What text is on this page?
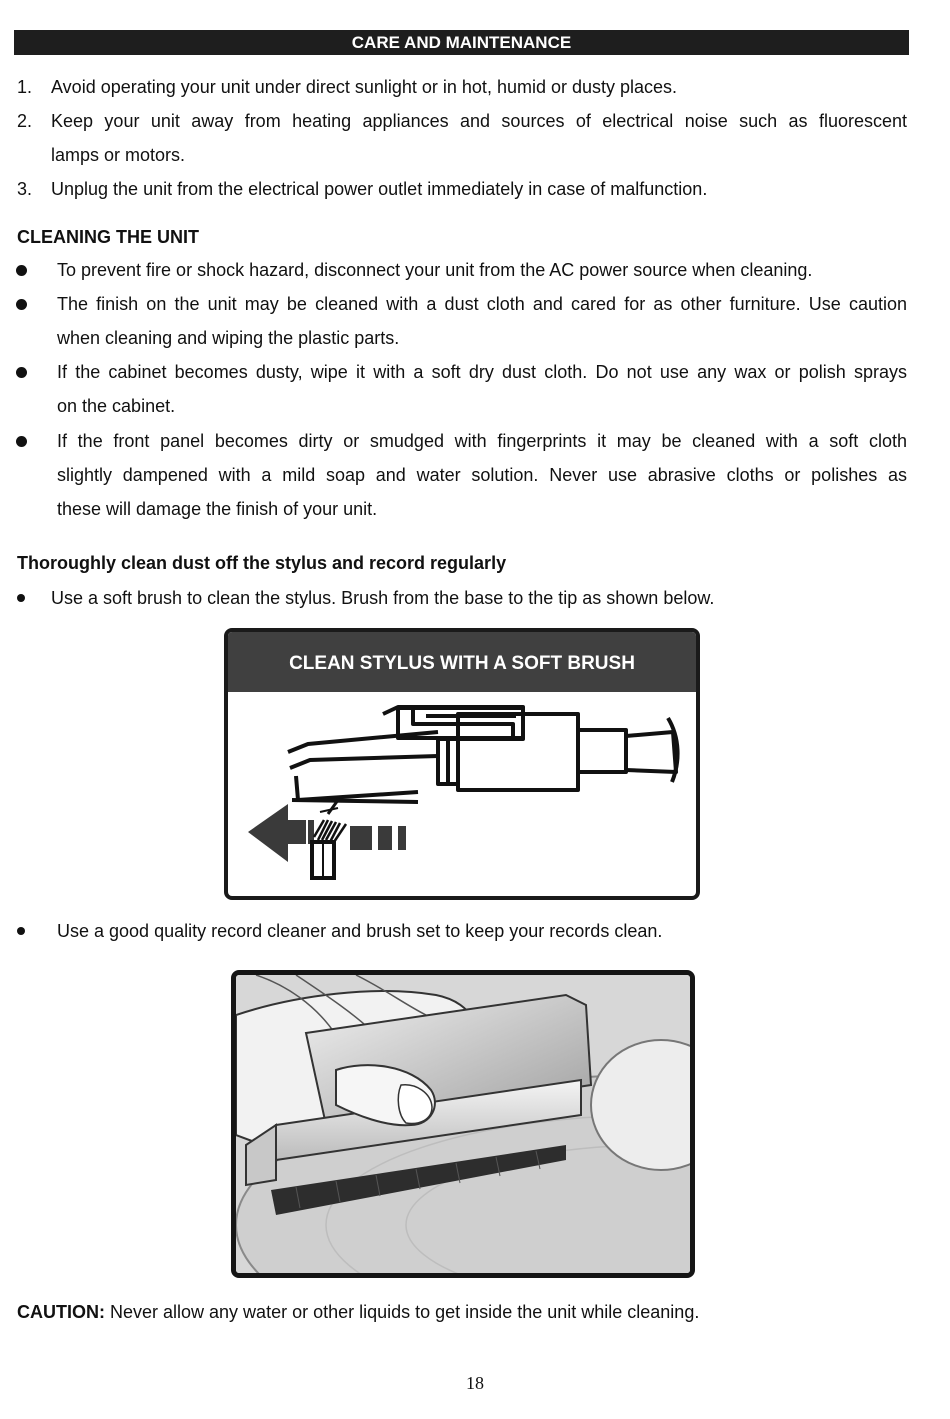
CARE AND MAINTENANCE
1. Avoid operating your unit under direct sunlight or in hot, humid or dusty places.
2. Keep your unit away from heating appliances and sources of electrical noise such as fluorescent
lamps or motors.
3. Unplug the unit from the electrical power outlet immediately in case of malfunction.
CLEANING THE UNIT
To prevent fire or shock hazard, disconnect your unit from the AC power source when cleaning.
The finish on the unit may be cleaned with a dust cloth and cared for as other furniture. Use caution
when cleaning and wiping the plastic parts.
If the cabinet becomes dusty, wipe it with a soft dry dust cloth. Do not use any wax or polish sprays
on the cabinet.
If the front panel becomes dirty or smudged with fingerprints it may be cleaned with a soft cloth
slightly dampened with a mild soap and water solution. Never use abrasive cloths or polishes as
these will damage the finish of your unit.
Thoroughly clean dust off the stylus and record regularly
Use a soft brush to clean the stylus. Brush from the base to the tip as shown below.
CLEAN STYLUS WITH A SOFT BRUSH
Use a good quality record cleaner and brush set to keep your records clean.
CAUTION: Never allow any water or other liquids to get inside the unit while cleaning.
18
